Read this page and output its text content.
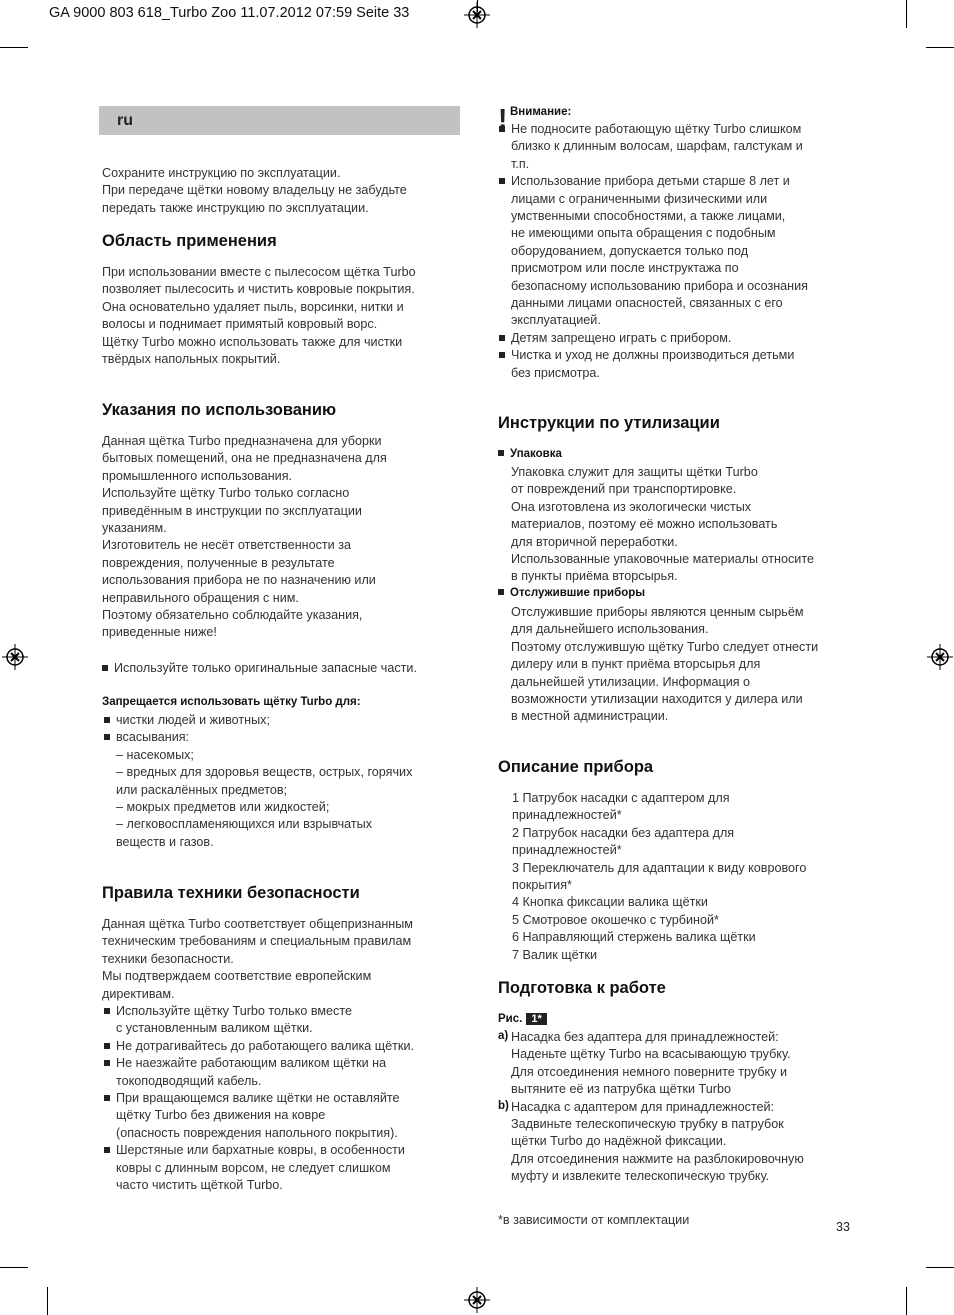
GA 9000 803 618_Turbo Zoo 11.07.2012 07:59 Seite 33
ru
Сохраните инструкцию по эксплуатации.
При передаче щётки новому владельцу не забудьте
передать также инструкцию по эксплуатации.
Область применения
При использовании вместе с пылесосом щётка Turbo
позволяет пылесосить и чистить ковровые покрытия.
Она основательно удаляет пыль, ворсинки, нитки и
волосы и поднимает примятый ковровый ворс.
Щётку Turbo можно использовать также для чистки
твёрдых напольных покрытий.
Указания по использованию
Данная щётка Turbo предназначена для уборки
бытовых помещений, она не предназначена для
промышленного использования.
Используйте щётку Turbo только согласно
приведённым в инструкции по эксплуатации
указаниям.
Изготовитель не несёт ответственности за
повреждения, полученные в результате
использования прибора не по назначению или
неправильного обращения с ним.
Поэтому обязательно соблюдайте указания,
приведенные ниже!
Используйте только оригинальные запасные части.
Запрещается использовать щётку Turbo для:
чистки людей и животных;
всасывания:
– насекомых;
– вредных для здоровья веществ, острых, горячих
или раскалённых предметов;
– мокрых предметов или жидкостей;
– легковоспламеняющихся или взрывчатых
веществ и газов.
Правила техники безопасности
Данная щётка Turbo соответствует общепризнанным
техническим требованиям и специальным правилам
техники безопасности.
Мы подтверждаем соответствие европейским
директивам.
Используйте щётку Turbo только вместе
с установленным валиком щётки.
Не дотрагивайтесь до работающего валика щётки.
Не наезжайте работающим валиком щётки на
токоподводящий кабель.
При вращающемся валике щётки не оставляйте
щётку Turbo без движения на ковре
(опасность повреждения напольного покрытия).
Шерстяные или бархатные ковры, в особенности
ковры с длинным ворсом, не следует слишком
часто чистить щёткой Turbo.
Внимание:
Не подносите работающую щётку Turbo слишком
близко к длинным волосам, шарфам, галстукам и
т.п.
Использование прибора детьми старше 8 лет и
лицами с ограниченными физическими или
умственными способностями, а также лицами,
не имеющими опыта обращения с подобным
оборудованием, допускается только под
присмотром или после инструктажа по
безопасному использованию прибора и осознания
данными лицами опасностей, связанных с его
эксплуатацией.
Детям запрещено играть с прибором.
Чистка и уход не должны производиться детьми
без присмотра.
Инструкции по утилизации
Упаковка
Упаковка служит для защиты щётки Turbo
от повреждений при транспортировке.
Она изготовлена из экологически чистых
материалов, поэтому её можно использовать
для вторичной переработки.
Использованные упаковочные материалы относите
в пункты приёма вторсырья.
Отслужившие приборы
Отслужившие приборы являются ценным сырьём
для дальнейшего использования.
Поэтому отслужившую щётку Turbo следует отнести
дилеру или в пункт приёма вторсырья для
дальнейшей утилизации. Информация о
возможности утилизации находится у дилера или
в местной администрации.
Описание прибора
1 Патрубок насадки с адаптером для
принадлежностей*
2 Патрубок насадки без адаптера для
принадлежностей*
3 Переключатель для адаптации к виду коврового
покрытия*
4 Кнопка фиксации валика щётки
5 Смотровое окошечко с турбиной*
6 Направляющий стержень валика щётки
7 Валик щётки
Подготовка к работе
Рис. 1*
a) Насадка без адаптера для принадлежностей:
Наденьте щётку Turbo на всасывающую трубку.
Для отсоединения немного поверните трубку и
вытяните её из патрубка щётки Turbo
b) Насадка с адаптером для принадлежностей:
Задвиньте телескопическую трубку в патрубок
щётки Turbo до надёжной фиксации.
Для отсоединения нажмите на разблокировочную
муфту и извлеките телескопическую трубку.
*в зависимости от комплектации
!
33
